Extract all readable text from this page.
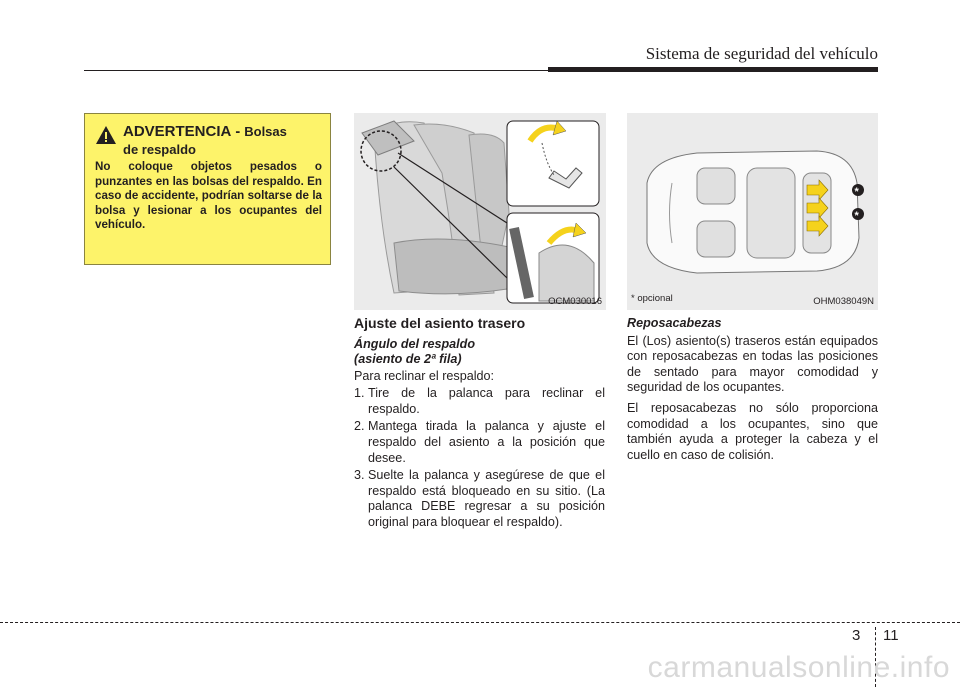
Sistema de seguridad del vehículo
ADVERTENCIA - Bolsas
de respaldo
No coloque objetos pesados o punzantes en las bolsas del respaldo. En caso de accidente, podrían soltarse de la bolsa y lesionar a los ocupantes del vehículo.
OCM030016
*
*
* opcional	OHM038049N
Ajuste del asiento trasero
Ángulo del respaldo
(asiento de 2ª fila)

Para reclinar el respaldo:

1. Tire de la palanca para reclinar el respaldo.
2. Mantega tirada la palanca y ajuste el respaldo del asiento a la posición que desee.
3. Suelte la palanca y asegúrese de que el respaldo está bloqueado en su sitio. (La palanca DEBE regresar a su posición original para bloquear el respaldo).
Reposacabezas

El (Los) asiento(s) traseros están equipados con reposacabezas en todas las posiciones de sentado para mayor comodidad y seguridad de los ocupantes.

El reposacabezas no sólo proporciona comodidad a los ocupantes, sino que también ayuda a proteger la cabeza y el cuello en caso de colisión.

3 11
carmanualsonline.info
